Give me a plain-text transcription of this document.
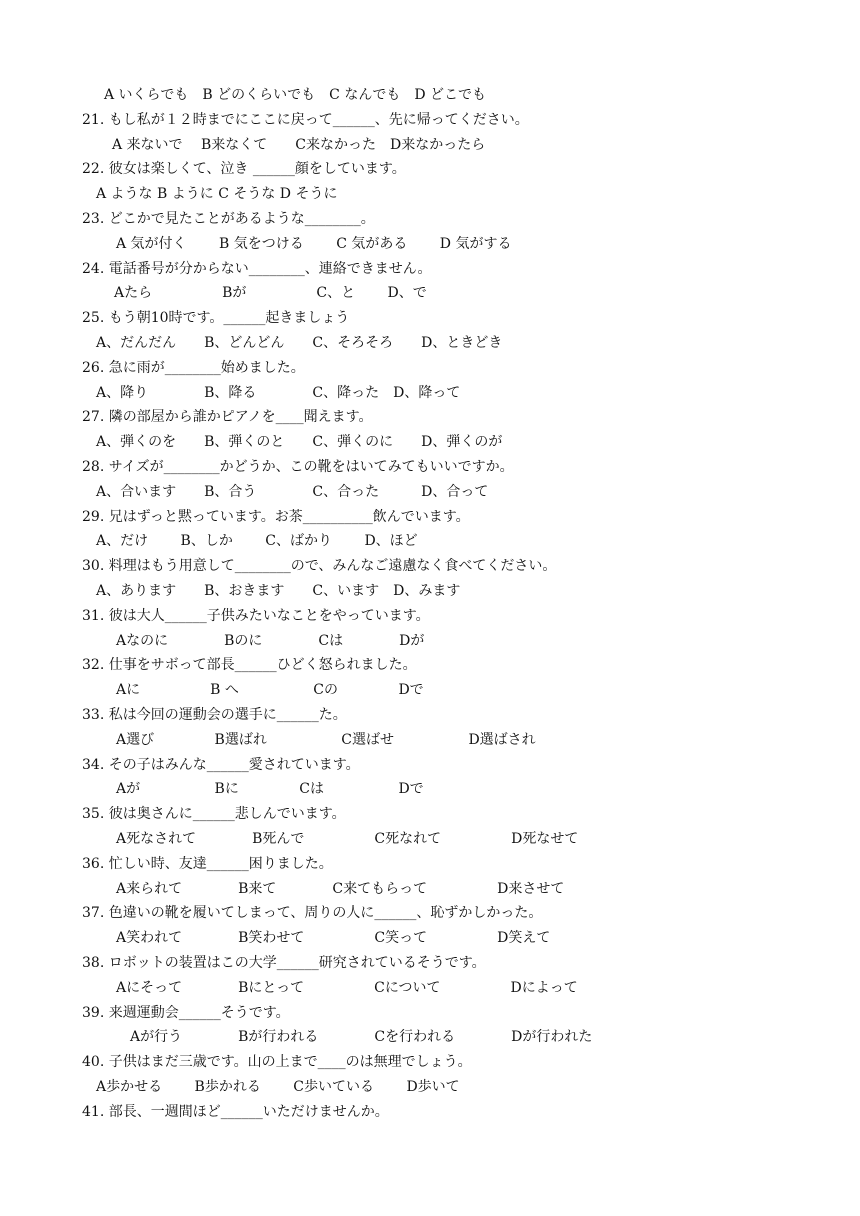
A いくらでも　B どのくらいでも　C なんでも　D どこでも
21. もし私が１２時までにここに戻って______、先に帰ってください。
A 来ないで　 B来なくて　　C来なかった　D来なかったら
22. 彼女は楽しくて、泣き ______顔をしています。
A ような B ように C そうな D そうに
23. どこかで見たことがあるような________。
A 気が付く　　 B 気をつける　　 C 気がある　　 D 気がする
24. 電話番号が分からない________、連絡できません。
Aたら　　　　　Bが　　　　　C、と　　 D、で
25. もう朝10時です。______起きましょう
A、だんだん　　B、どんどん　　C、そろそろ　　D、ときどき
26. 急に雨が________始めました。
A、降り　　　　B、降る　　　　C、降った　D、降って
27. 隣の部屋から誰かピアノを____聞えます。
A、弾くのを　　B、弾くのと　　C、弾くのに　　D、弾くのが
28. サイズが________かどうか、この靴をはいてみてもいいですか。
A、合います　　B、合う　　　　C、合った　　　D、合って
29. 兄はずっと黙っています。お茶__________飲んでいます。
A、だけ　　 B、しか　　 C、ばかり　　 D、ほど
30. 料理はもう用意して________ので、みんなご遠慮なく食べてください。
A、あります　　B、おきます　　C、います　D、みます
31. 彼は大人______子供みたいなことをやっています。
Aなのに　　　　Bのに　　　　Cは　　　　Dが
32. 仕事をサボって部長______ひどく怒られました。
Aに　　　　　B へ　　　　　 Cの　　　　 Dで
33. 私は今回の運動会の選手に______た。
A選び　　　　 B選ばれ　　　　　 C選ばせ　　　　　 D選ばされ
34. その子はみんな______愛されています。
Aが　　　　　 Bに　　　　 Cは　　　　　 Dで
35. 彼は奥さんに______悲しんでいます。
A死なされて　　　　B死んで　　　　　C死なれて　　　　　D死なせて
36. 忙しい時、友達______困りました。
A来られて　　　　B来て　　　　C来てもらって　　　　　D来させて
37. 色違いの靴を履いてしまって、周りの人に______、恥ずかしかった。
A笑われて　　　　B笑わせて　　　　　C笑って　　　　　D笑えて
38. ロボットの装置はこの大学______研究されているそうです。
Aにそって　　　　Bにとって　　　　　Cについて　　　　　Dによって
39. 来週運動会______そうです。
Aが行う　　　　Bが行われる　　　　Cを行われる　　　　Dが行われた
40. 子供はまだ三歳です。山の上まで____のは無理でしょう。
A歩かせる　　 B歩かれる　　 C歩いている　　 D歩いて
41. 部長、一週間ほど______いただけませんか。
